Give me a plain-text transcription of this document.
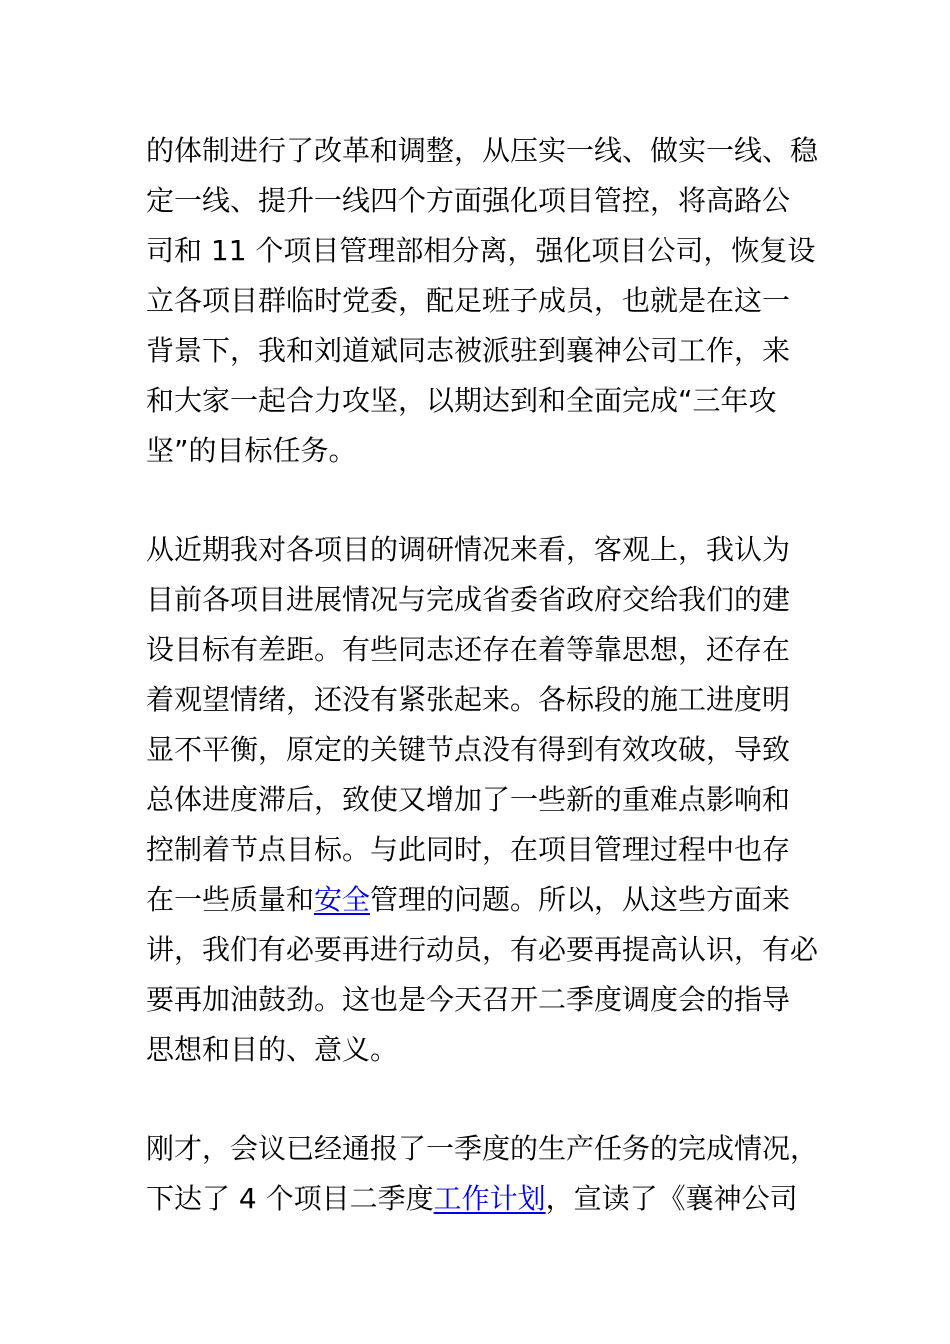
的体制进行了改革和调整，从压实一线、做实一线、稳
定一线、提升一线四个方面强化项目管控，将高路公
司和 11 个项目管理部相分离，强化项目公司，恢复设
立各项目群临时党委，配足班子成员，也就是在这一
背景下，我和刘道斌同志被派驻到襄神公司工作，来
和大家一起合力攻坚，以期达到和全面完成“三年攻
坚”的目标任务。
从近期我对各项目的调研情况来看，客观上，我认为
目前各项目进展情况与完成省委省政府交给我们的建
设目标有差距。有些同志还存在着等靠思想，还存在
着观望情绪，还没有紧张起来。各标段的施工进度明
显不平衡，原定的关键节点没有得到有效攻破，导致
总体进度滞后，致使又增加了一些新的重难点影响和
控制着节点目标。与此同时，在项目管理过程中也存
在一些质量和安全管理的问题。所以，从这些方面来
讲，我们有必要再进行动员，有必要再提高认识，有必
要再加油鼓劲。这也是今天召开二季度调度会的指导
思想和目的、意义。
刚才，会议已经通报了一季度的生产任务的完成情况，
下达了 4 个项目二季度工作计划，宣读了《襄神公司
